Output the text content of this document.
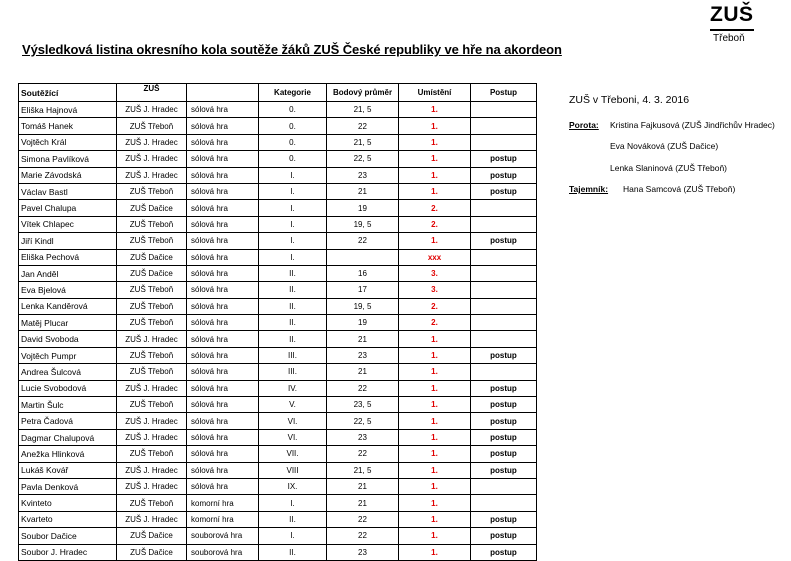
ZUŠ
Třeboň
Výsledková listina okresního kola soutěže žáků ZUŠ České republiky ve hře na akordeon
Soutěžící	ZUŠ		Kategorie	Bodový průměr	Umístění	Postup
Eliška Hajnová	ZUŠ J. Hradec	sólová hra	0.	21, 5	1.	
Tomáš Hanek	ZUŠ Třeboň	sólová hra	0.	22	1.	
Vojtěch Král	ZUŠ J. Hradec	sólová hra	0.	21, 5	1.	
Simona Pavlíková	ZUŠ J. Hradec	sólová hra	0.	22, 5	1.	postup
Marie Závodská	ZUŠ J. Hradec	sólová hra	I.	23	1.	postup
Václav Bastl	ZUŠ Třeboň	sólová hra	I.	21	1.	postup
Pavel Chalupa	ZUŠ Dačice	sólová hra	I.	19	2.	
Vítek Chlapec	ZUŠ Třeboň	sólová hra	I.	19, 5	2.	
Jiří Kindl	ZUŠ Třeboň	sólová hra	I.	22	1.	postup
Eliška Pechová	ZUŠ Dačice	sólová hra	I.		xxx	
Jan Anděl	ZUŠ Dačice	sólová hra	II.	16	3.	
Eva Bjelová	ZUŠ Třeboň	sólová hra	II.	17	3.	
Lenka Kanděrová	ZUŠ Třeboň	sólová hra	II.	19, 5	2.	
Matěj Plucar	ZUŠ Třeboň	sólová hra	II.	19	2.	
David Svoboda	ZUŠ J. Hradec	sólová hra	II.	21	1.	
Vojtěch Pumpr	ZUŠ Třeboň	sólová hra	III.	23	1.	postup
Andrea Šulcová	ZUŠ Třeboň	sólová hra	III.	21	1.	
Lucie Svobodová	ZUŠ J. Hradec	sólová hra	IV.	22	1.	postup
Martin Šulc	ZUŠ Třeboň	sólová hra	V.	23, 5	1.	postup
Petra Čadová	ZUŠ J. Hradec	sólová hra	VI.	22, 5	1.	postup
Dagmar Chalupová	ZUŠ J. Hradec	sólová hra	VI.	23	1.	postup
Anežka Hlinková	ZUŠ Třeboň	sólová hra	VII.	22	1.	postup
Lukáš Kovář	ZUŠ J. Hradec	sólová hra	VIII	21, 5	1.	postup
Pavla Denková	ZUŠ J. Hradec	sólová hra	IX.	21	1.	
Kvinteto	ZUŠ Třeboň	komorní hra	I.	21	1.	
Kvarteto	ZUŠ J. Hradec	komorní hra	II.	22	1.	postup
Soubor Dačice	ZUŠ Dačice	souborová hra	I.	22	1.	postup
Soubor J. Hradec	ZUŠ Dačice	souborová hra	II.	23	1.	postup
ZUŠ v Třeboni, 4. 3. 2016
Porota: Kristina Fajkusová (ZUŠ Jindřichův Hradec)
Eva Nováková (ZUŠ Dačice)
Lenka Slaninová (ZUŠ Třeboň)
Tajemník: Hana Samcová (ZUŠ Třeboň)
